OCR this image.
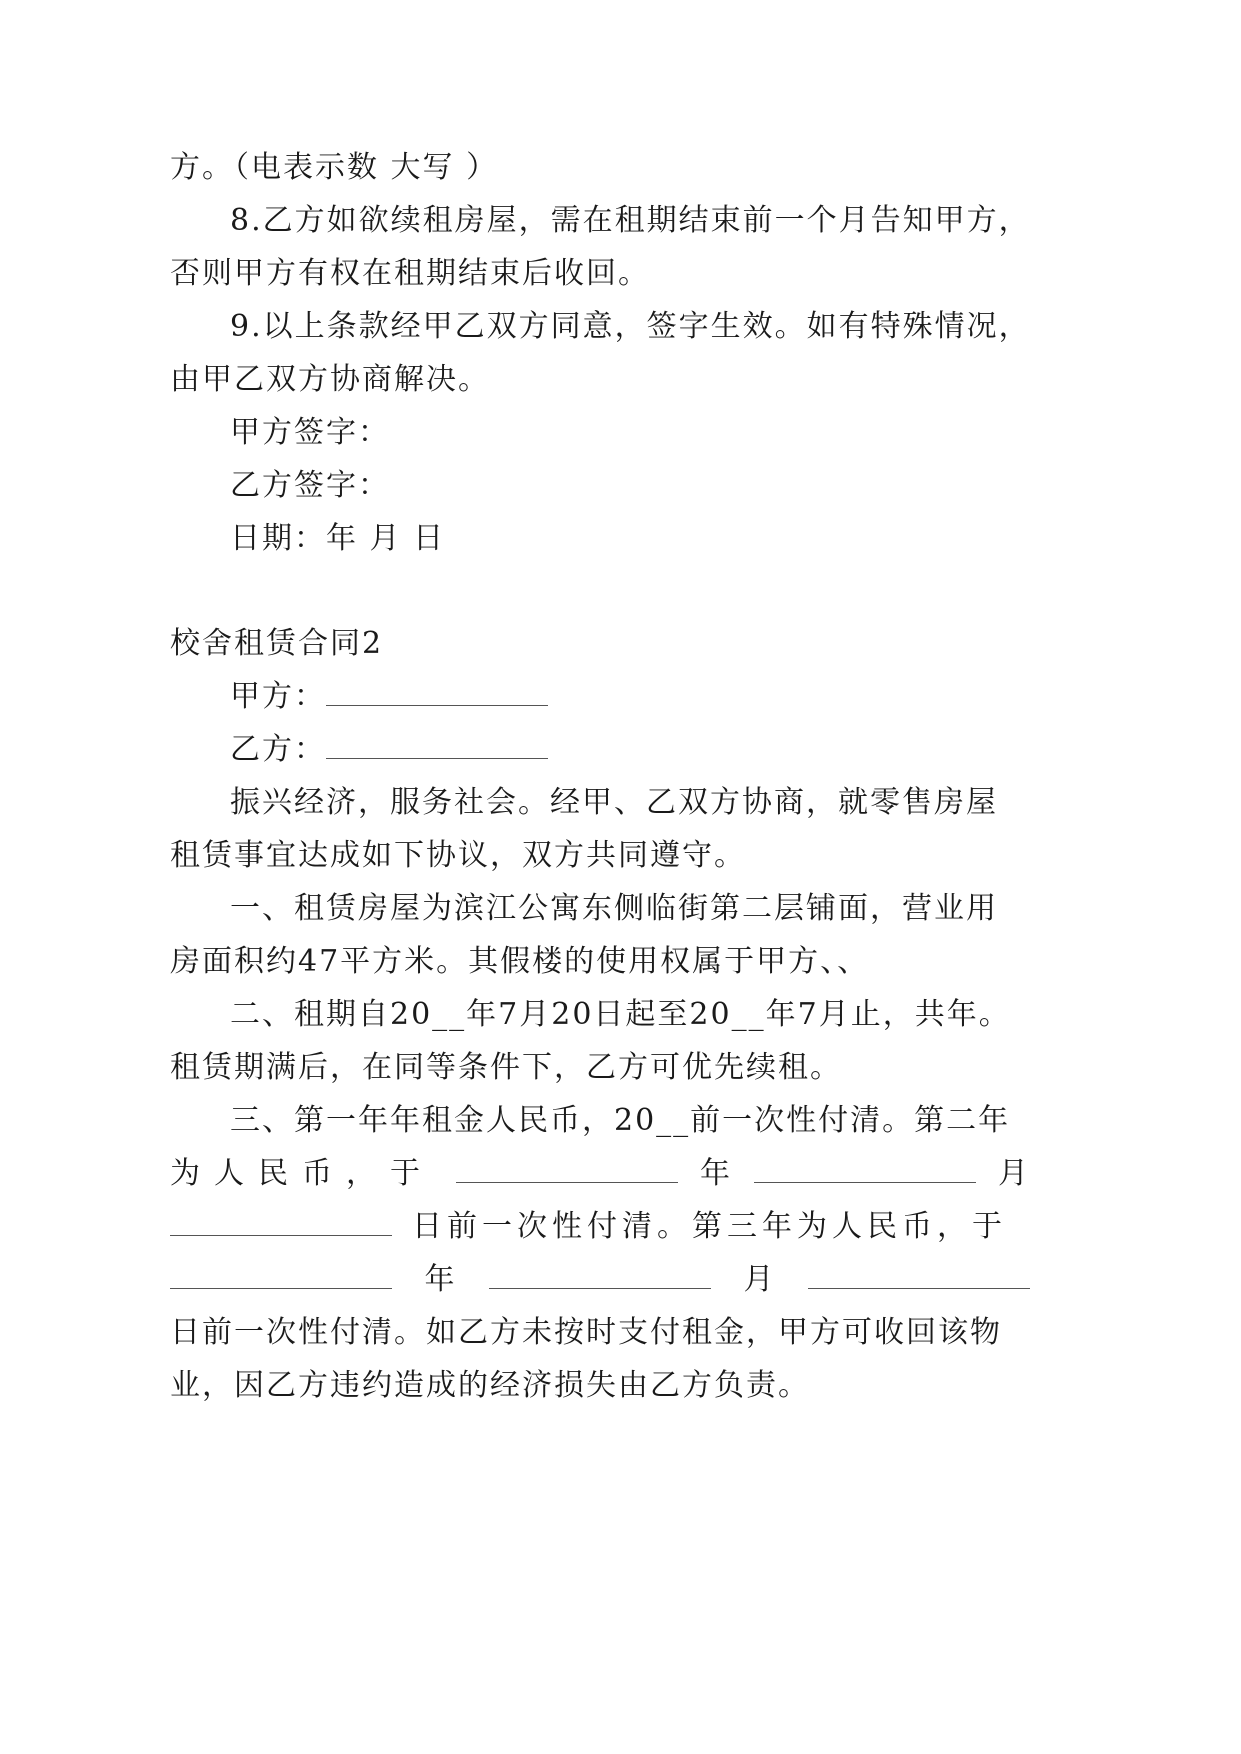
方。（电表示数 大写 ）
8.乙方如欲续租房屋，需在租期结束前一个月告知甲方，
否则甲方有权在租期结束后收回。
9.以上条款经甲乙双方同意，签字生效。如有特殊情况，
由甲乙双方协商解决。
甲方签字：
乙方签字：
日期：年 月 日
校舍租赁合同2
甲方：
乙方：
振兴经济，服务社会。经甲、乙双方协商，就零售房屋
租赁事宜达成如下协议，双方共同遵守。
一、租赁房屋为滨江公寓东侧临街第二层铺面，营业用
房面积约47平方米。其假楼的使用权属于甲方、、
二、租期自20__年7月20日起至20__年7月止，共年。
租赁期满后，在同等条件下，乙方可优先续租。
三、第一年年租金人民币，20__前一次性付清。第二年
为人民币，于	年	月
日前一次性付清。第三年为人民币，于
年	月
日前一次性付清。如乙方未按时支付租金，甲方可收回该物
业，因乙方违约造成的经济损失由乙方负责。
